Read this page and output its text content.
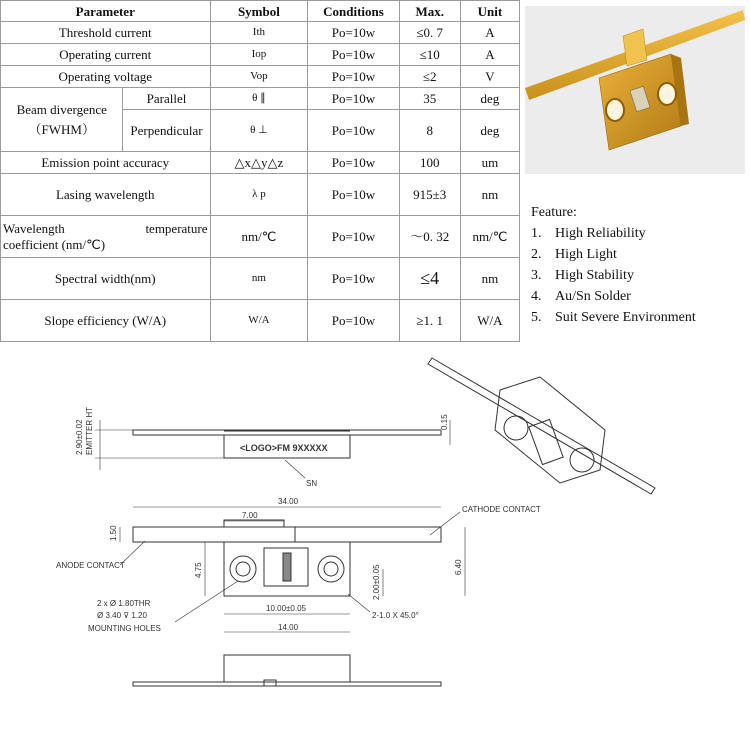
Parameter		Symbol	Conditions	Max.	Unit
Threshold current		Ith	Po=10w	≤0. 7	A
Operating current		Iop	Po=10w	≤10	A
Operating voltage		Vop	Po=10w	≤2	V
Beam divergence （FWHM）	Parallel	θ ∥	Po=10w	35	deg
	Perpendicular	θ ⊥	Po=10w	8	deg
Emission point accuracy		△x△y△z	Po=10w	100	um
Lasing wavelength		λ p	Po=10w	915±3	nm

Wavelength temperature
coefficient (nm/℃)		nm/℃	Po=10w	～0. 32	nm/℃
Spectral width(nm)		nm	Po=10w	≤4	nm
Slope efficiency (W/A)		W/A	Po=10w	≥1. 1	W/A
Feature:
1. High Reliability
2. High Light
3. High Stability
4. Au/Sn Solder
5. Suit Severe Environment
2.90±0.02 EMITTER HT	0.15
<LOGO>FM 9XXXXX
SN
34.00
7.00
CATHODE CONTACT
ANODE CONTACT
1.50
4.75	6.40
2.00±0.05
10.00±0.05
14.00
2-1.0 X 45.0°
2 x Ø 1.80THR
Ø 3.40 ⊽ 1.20
MOUNTING HOLES
